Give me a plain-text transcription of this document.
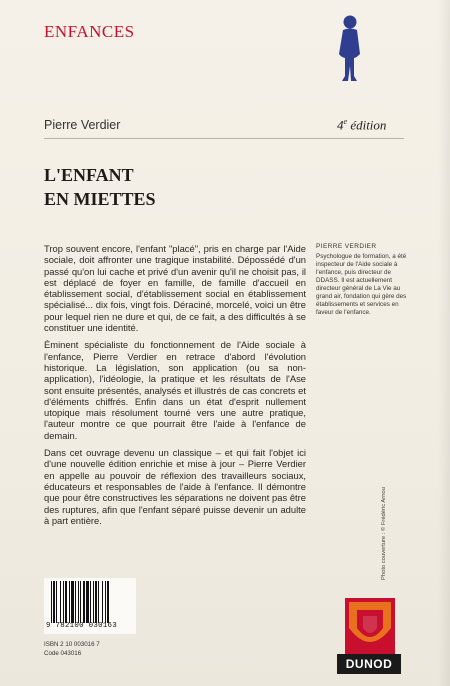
ENFANCES
Pierre Verdier	4e édition
L'ENFANT
EN MIETTES

Trop souvent encore, l'enfant "placé", pris en charge par l'Aide sociale, doit affronter une tragique instabilité. Dépossédé d'un passé qu'on lui cache et privé d'un avenir qu'il ne choisit pas, il est déplacé de foyer en famille, de famille d'accueil en établissement social, d'établissement social en établissement spécialisé... dix fois, vingt fois. Déraciné, morcelé, voici un être pour lequel rien ne dure et qui, de ce fait, a des difficultés à se constituer une identité.

Éminent spécialiste du fonctionnement de l'Aide sociale à l'enfance, Pierre Verdier en retrace d'abord l'évolution historique. La législation, son application (ou sa non-application), l'idéologie, la pratique et les résultats de l'Ase sont ensuite présentés, analysés et illustrés de cas concrets et d'éléments chiffrés. Enfin dans un état d'esprit nullement utopique mais résolument tourné vers une autre pratique, l'auteur montre ce que pourrait être l'aide à l'enfance de demain.

Dans cet ouvrage devenu un classique – et qui fait l'objet ici d'une nouvelle édition enrichie et mise à jour – Pierre Verdier en appelle au pouvoir de réflexion des travailleurs sociaux, éducateurs et responsables de l'aide à l'enfance. Il démontre que pour être constructives les séparations ne doivent pas être des ruptures, afin que l'enfant séparé puisse devenir un adulte à part entière.

PIERRE VERDIER
Psychologue de formation, a été inspecteur de l'Aide sociale à l'enfance, puis directeur de DDASS. Il est actuellement directeur général de La Vie au grand air, fondation qui gère des établissements et services en faveur de l'enfance.
Photo couverture : © Frédéric Arnou
9 782100 030163
ISBN 2 10 003016 7
Code 043016
DUNOD
